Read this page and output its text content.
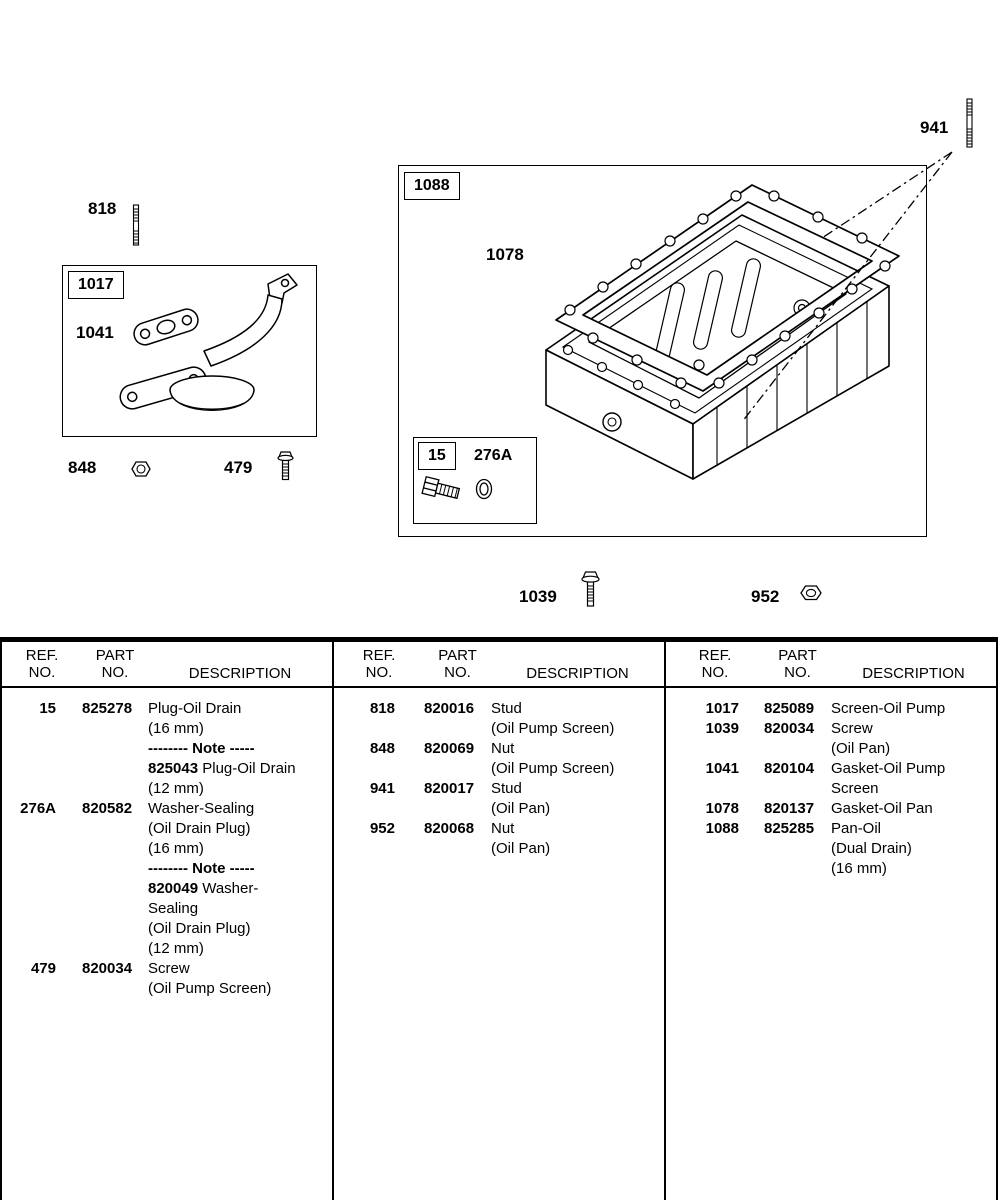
818
941
1017
1041
848	479
1088
1078
15	276A
1039	952
REF.
NO.
PART
NO.	DESCRIPTION
15	825278	Plug-Oil Drain
(16 mm)
-------- Note -----
825043 Plug-Oil Drain
(12 mm)
276A	820582	Washer-Sealing
(Oil Drain Plug)
(16 mm)
-------- Note -----
820049 Washer-
Sealing
(Oil Drain Plug)
(12 mm)
479	820034	Screw
(Oil Pump Screen)
REF.
NO.
PART
NO.	DESCRIPTION
818	820016	Stud
(Oil Pump Screen)
848	820069	Nut
(Oil Pump Screen)
941	820017	Stud
(Oil Pan)
952	820068	Nut
(Oil Pan)
REF.
NO.
PART
NO.	DESCRIPTION
1017	825089	Screen-Oil Pump
1039	820034	Screw
(Oil Pan)
1041	820104	Gasket-Oil Pump
Screen
1078	820137	Gasket-Oil Pan
1088	825285	Pan-Oil
(Dual Drain)
(16 mm)
